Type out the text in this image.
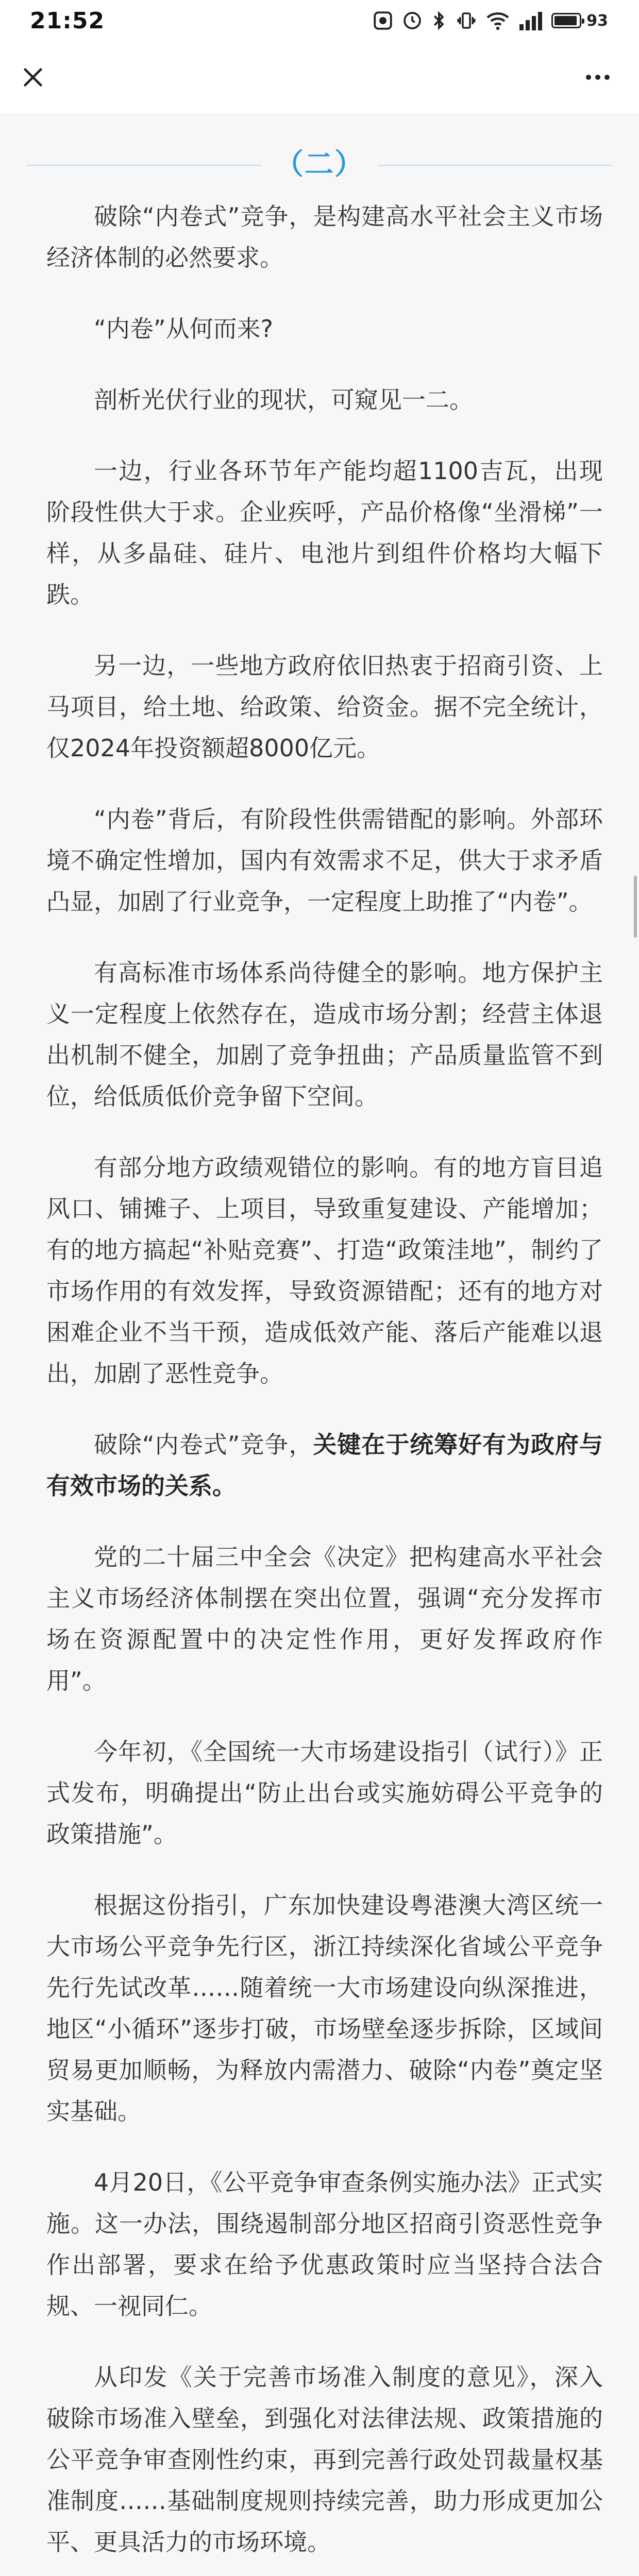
21:52	93
（二）

破除“内卷式”竞争，是构建高水平社会主义市场经济体制的必然要求。

“内卷”从何而来?

剖析光伏行业的现状，可窥见一二。

一边，行业各环节年产能均超1100吉瓦，出现阶段性供大于求。企业疾呼，产品价格像“坐滑梯”一样，从多晶硅、硅片、电池片到组件价格均大幅下跌。

另一边，一些地方政府依旧热衷于招商引资、上马项目，给土地、给政策、给资金。据不完全统计，仅2024年投资额超8000亿元。

“内卷”背后，有阶段性供需错配的影响。外部环境不确定性增加，国内有效需求不足，供大于求矛盾凸显，加剧了行业竞争，一定程度上助推了“内卷”。

有高标准市场体系尚待健全的影响。地方保护主义一定程度上依然存在，造成市场分割；经营主体退出机制不健全，加剧了竞争扭曲；产品质量监管不到位，给低质低价竞争留下空间。

有部分地方政绩观错位的影响。有的地方盲目追风口、铺摊子、上项目，导致重复建设、产能增加；有的地方搞起“补贴竞赛”、打造“政策洼地”，制约了市场作用的有效发挥，导致资源错配；还有的地方对困难企业不当干预，造成低效产能、落后产能难以退出，加剧了恶性竞争。

破除“内卷式”竞争，关键在于统筹好有为政府与有效市场的关系。

党的二十届三中全会《决定》把构建高水平社会主义市场经济体制摆在突出位置，强调“充分发挥市场在资源配置中的决定性作用，更好发挥政府作用”。

今年初，《全国统一大市场建设指引（试行）》正式发布，明确提出“防止出台或实施妨碍公平竞争的政策措施”。

根据这份指引，广东加快建设粤港澳大湾区统一大市场公平竞争先行区，浙江持续深化省域公平竞争先行先试改革……随着统一大市场建设向纵深推进，地区“小循环”逐步打破，市场壁垒逐步拆除，区域间贸易更加顺畅，为释放内需潜力、破除“内卷”奠定坚实基础。

4月20日，《公平竞争审查条例实施办法》正式实施。这一办法，围绕遏制部分地区招商引资恶性竞争作出部署，要求在给予优惠政策时应当坚持合法合规、一视同仁。

从印发《关于完善市场准入制度的意见》，深入破除市场准入壁垒，到强化对法律法规、政策措施的公平竞争审查刚性约束，再到完善行政处罚裁量权基准制度……基础制度规则持续完善，助力形成更加公平、更具活力的市场环境。
